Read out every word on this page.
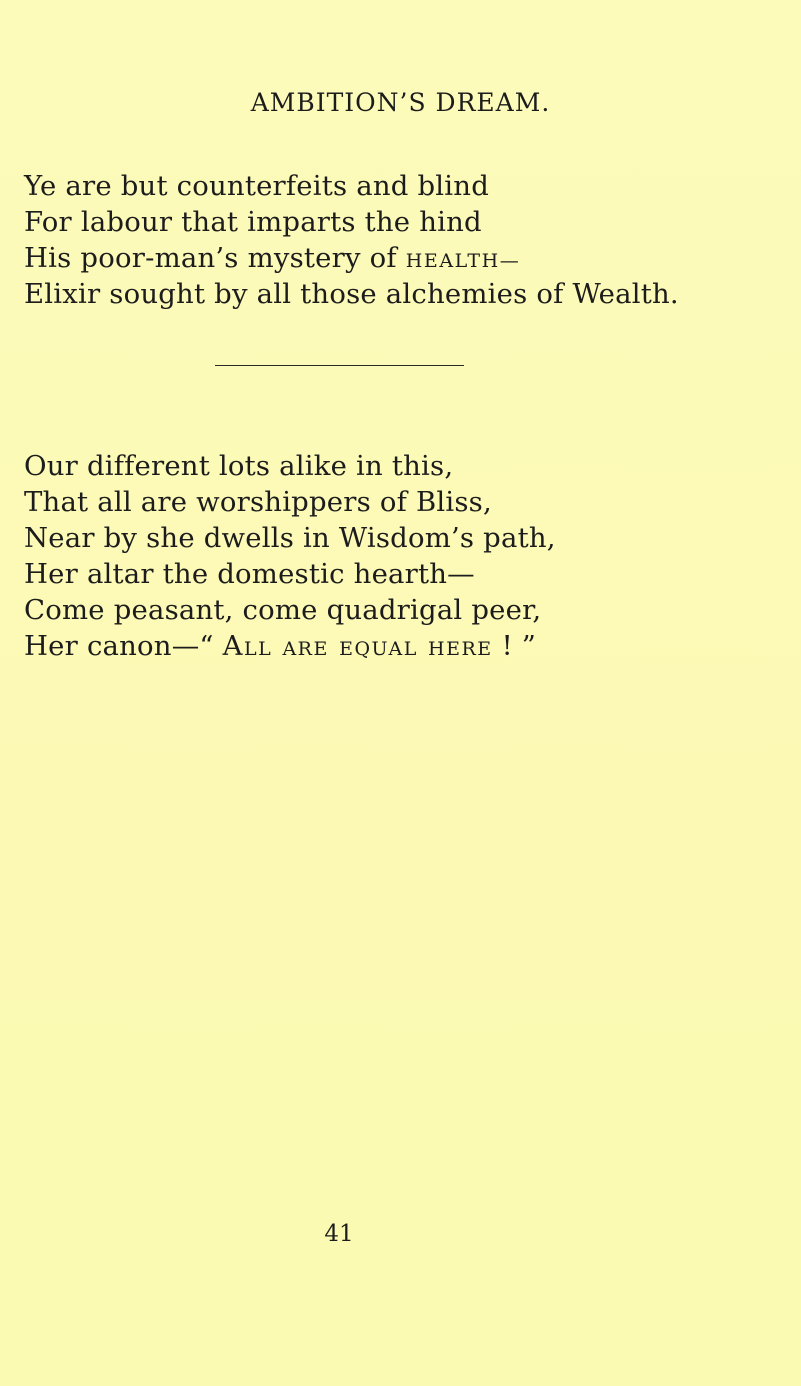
AMBITION’S DREAM.
Ye are but counterfeits and blind
For labour that imparts the hind
His poor-man’s mystery of HEALTH—
Elixir sought by all those alchemies of Wealth.
Our different lots alike in this,
That all are worshippers of Bliss,
Near by she dwells in Wisdom’s path,
Her altar the domestic hearth—
Come peasant, come quadrigal peer,
Her canon—“ All are equal here ! ”
41
